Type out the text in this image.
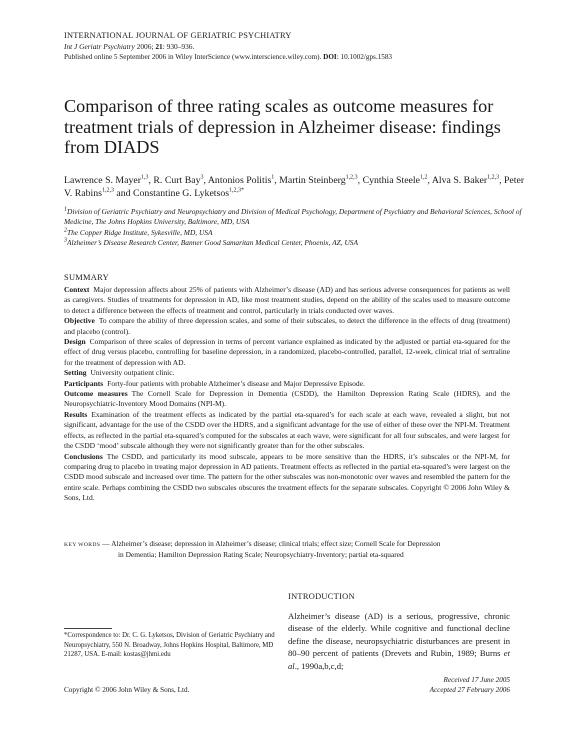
INTERNATIONAL JOURNAL OF GERIATRIC PSYCHIATRY
Int J Geriatr Psychiatry 2006; 21: 930–936.
Published online 5 September 2006 in Wiley InterScience (www.interscience.wiley.com). DOI: 10.1002/gps.1583
Comparison of three rating scales as outcome measures for treatment trials of depression in Alzheimer disease: findings from DIADS
Lawrence S. Mayer$^{1,3}$, R. Curt Bay$^3$, Antonios Politis$^1$, Martin Steinberg$^{1,2,3}$, Cynthia Steele$^{1,2}$, Alva S. Baker$^{1,2,3}$, Peter V. Rabins$^{1,2,3}$ and Constantine G. Lyketsos$^{1,2,3*}$
$^1$Division of Geriatric Psychiatry and Neuropsychiatry and Division of Medical Psychology, Department of Psychiatry and Behavioral Sciences, School of Medicine, The Johns Hopkins University, Baltimore, MD, USA
$^2$The Copper Ridge Institute, Sykesville, MD, USA
$^3$Alzheimer’s Disease Research Center, Banner Good Samaritan Medical Center, Phoenix, AZ, USA
SUMMARY

Context Major depression affects about 25% of patients with Alzheimer’s disease (AD) and has serious adverse consequences for patients as well as caregivers. Studies of treatments for depression in AD, like most treatment studies, depend on the ability of the scales used to measure outcome to detect a difference between the effects of treatment and control, particularly in trials conducted over waves.

Objective To compare the ability of three depression scales, and some of their subscales, to detect the difference in the effects of drug (treatment) and placebo (control).

Design Comparison of three scales of depression in terms of percent variance explained as indicated by the adjusted or partial eta-squared for the effect of drug versus placebo, controlling for baseline depression, in a randomized, placebo-controlled, parallel, 12-week, clinical trial of sertraline for the treatment of depression with AD.

Setting University outpatient clinic.

Participants Forty-four patients with probable Alzheimer’s disease and Major Depressive Episode.

Outcome measures The Cornell Scale for Depression in Dementia (CSDD), the Hamilton Depression Rating Scale (HDRS), and the Neuropsychiatric-Inventory Mood Domains (NPI-M).

Results Examination of the treatment effects as indicated by the partial eta-squared’s for each scale at each wave, revealed a slight, but not significant, advantage for the use of the CSDD over the HDRS, and a significant advantage for the use of either of these over the NPI-M. Treatment effects, as reflected in the partial eta-squared’s computed for the subscales at each wave, were significant for all four subscales, and were largest for the CSDD ‘mood’ subscale although they were not significantly greater than for the other subscales.

Conclusions The CSDD, and particularly its mood subscale, appears to be more sensitive than the HDRS, it’s subscales or the NPI-M, for comparing drug to placebo in treating major depression in AD patients. Treatment effects as reflected in the partial eta-squared’s were largest on the CSDD mood subscale and increased over time. The pattern for the other subscales was non-monotonic over waves and resembled the pattern for the entire scale. Perhaps combining the CSDD two subscales obscures the treatment effects for the separate subscales. Copyright © 2006 John Wiley & Sons, Ltd.

KEY WORDS — Alzheimer’s disease; depression in Alzheimer’s disease; clinical trials; effect size; Cornell Scale for Depression
in Dementia; Hamilton Depression Rating Scale; Neuropsychiatry-Inventory; partial eta-squared
INTRODUCTION

Alzheimer’s disease (AD) is a serious, progressive, chronic disease of the elderly. While cognitive and functional decline define the disease, neuropsychiatric disturbances are present in 80–90 percent of patients (Drevets and Rubin, 1989; Burns et al., 1990a,b,c,d;

*Correspondence to: Dr. C. G. Lyketsos, Division of Geriatric Psychiatry and Neuropsychiatry, 550 N. Broadway, Johns Hopkins Hospital, Baltimore, MD 21287, USA. E-mail: kostas@jhmi.edu
Received 17 June 2005
Accepted 27 February 2006
Copyright © 2006 John Wiley & Sons, Ltd.
